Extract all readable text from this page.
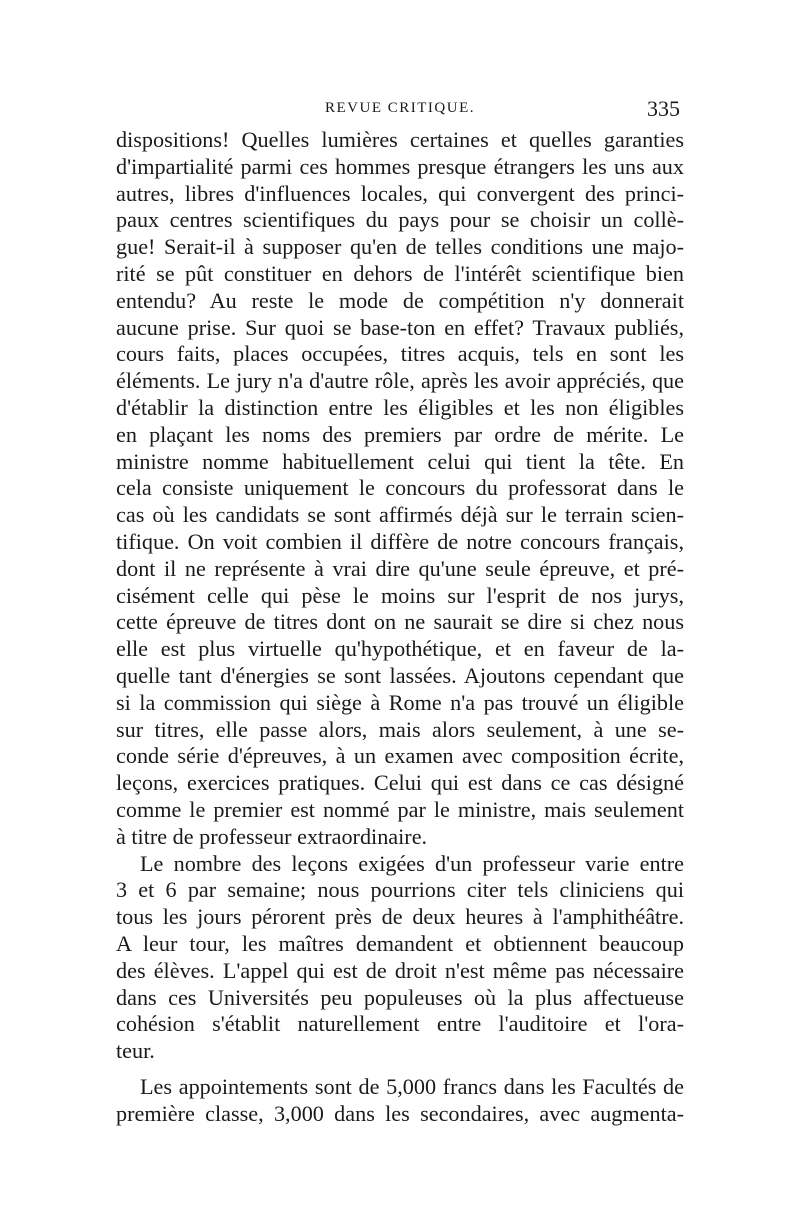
REVUE CRITIQUE.	335
dispositions! Quelles lumières certaines et quelles garanties
d'impartialité parmi ces hommes presque étrangers les uns aux
autres, libres d'influences locales, qui convergent des princi-
paux centres scientifiques du pays pour se choisir un collè-
gue! Serait-il à supposer qu'en de telles conditions une majo-
rité se pût constituer en dehors de l'intérêt scientifique bien
entendu? Au reste le mode de compétition n'y donnerait
aucune prise. Sur quoi se base-ton en effet? Travaux publiés,
cours faits, places occupées, titres acquis, tels en sont les
éléments. Le jury n'a d'autre rôle, après les avoir appréciés, que
d'établir la distinction entre les éligibles et les non éligibles
en plaçant les noms des premiers par ordre de mérite. Le
ministre nomme habituellement celui qui tient la tête. En
cela consiste uniquement le concours du professorat dans le
cas où les candidats se sont affirmés déjà sur le terrain scien-
tifique. On voit combien il diffère de notre concours français,
dont il ne représente à vrai dire qu'une seule épreuve, et pré-
cisément celle qui pèse le moins sur l'esprit de nos jurys,
cette épreuve de titres dont on ne saurait se dire si chez nous
elle est plus virtuelle qu'hypothétique, et en faveur de la-
quelle tant d'énergies se sont lassées. Ajoutons cependant que
si la commission qui siège à Rome n'a pas trouvé un éligible
sur titres, elle passe alors, mais alors seulement, à une se-
conde série d'épreuves, à un examen avec composition écrite,
leçons, exercices pratiques. Celui qui est dans ce cas désigné
comme le premier est nommé par le ministre, mais seulement
à titre de professeur extraordinaire.
Le nombre des leçons exigées d'un professeur varie entre
3 et 6 par semaine; nous pourrions citer tels cliniciens qui
tous les jours pérorent près de deux heures à l'amphithéâtre.
A leur tour, les maîtres demandent et obtiennent beaucoup
des élèves. L'appel qui est de droit n'est même pas nécessaire
dans ces Universités peu populeuses où la plus affectueuse
cohésion s'établit naturellement entre l'auditoire et l'ora-
teur.
Les appointements sont de 5,000 francs dans les Facultés de
première classe, 3,000 dans les secondaires, avec augmenta-
